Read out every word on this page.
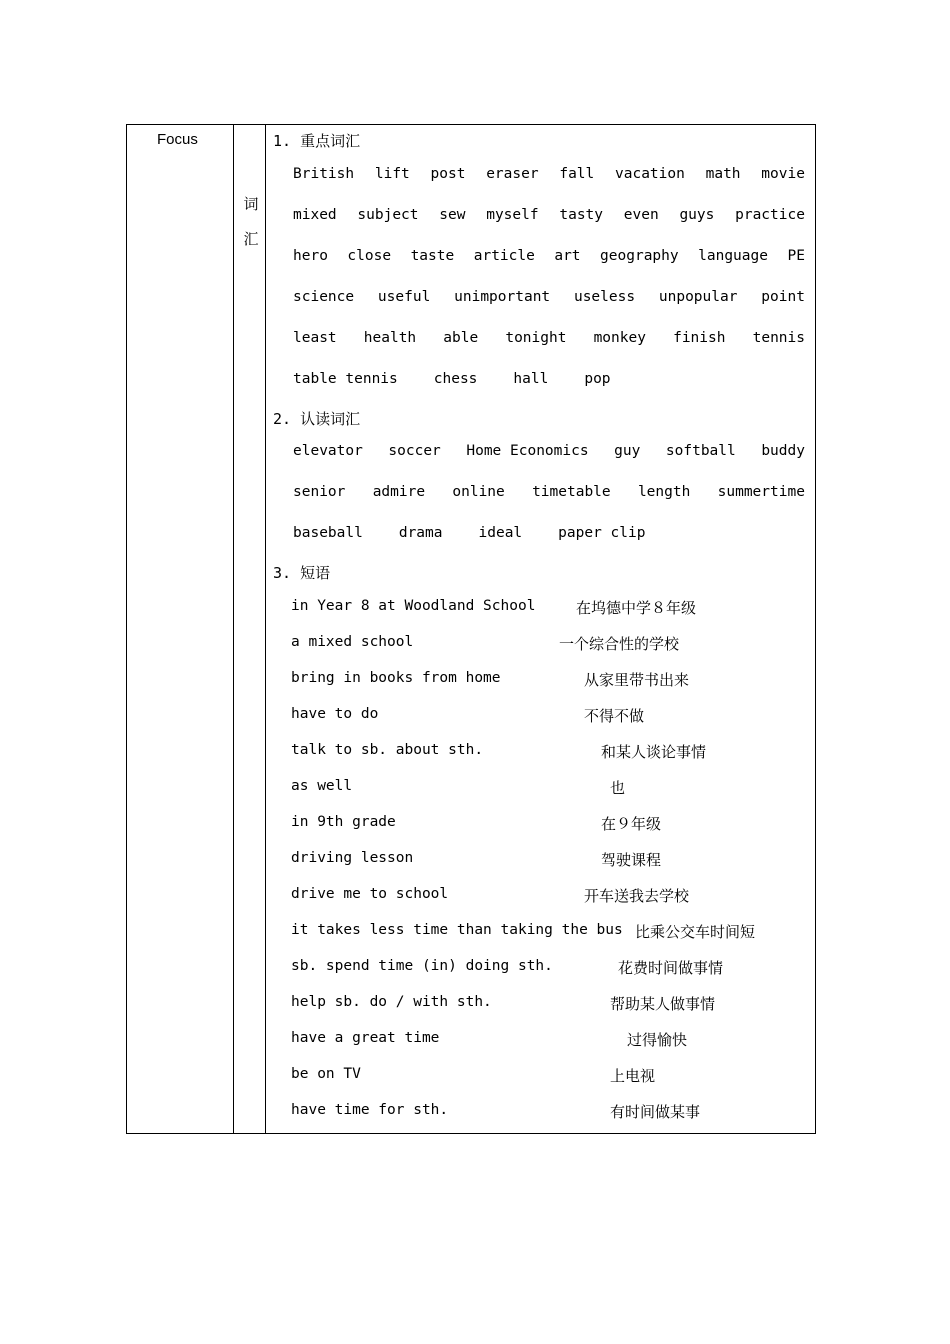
Focus
词
汇
1. 重点词汇
British lift post eraser fall vacation math movie
mixed subject sew myself tasty even guys practice
hero close taste article art geography language PE
science useful unimportant useless unpopular point
least health able tonight monkey finish tennis
table tennis chess hall pop
2. 认读词汇
elevator soccer Home Economics guy softball buddy
senior admire online timetable length summertime
baseball drama ideal paper clip
3. 短语
in Year 8 at Woodland School	在坞德中学８年级
a mixed school	一个综合性的学校
bring in books from home	从家里带书出来
have to do	不得不做
talk to sb. about sth.	和某人谈论事情
as well	也
in 9th grade	在９年级
driving lesson	驾驶课程
drive me to school	开车送我去学校
it takes less time than taking the bus 比乘公交车时间短
sb. spend time (in) doing sth.	花费时间做事情
help sb. do / with sth.	帮助某人做事情
have a great time	过得愉快
be on TV	上电视
have time for sth.	有时间做某事
